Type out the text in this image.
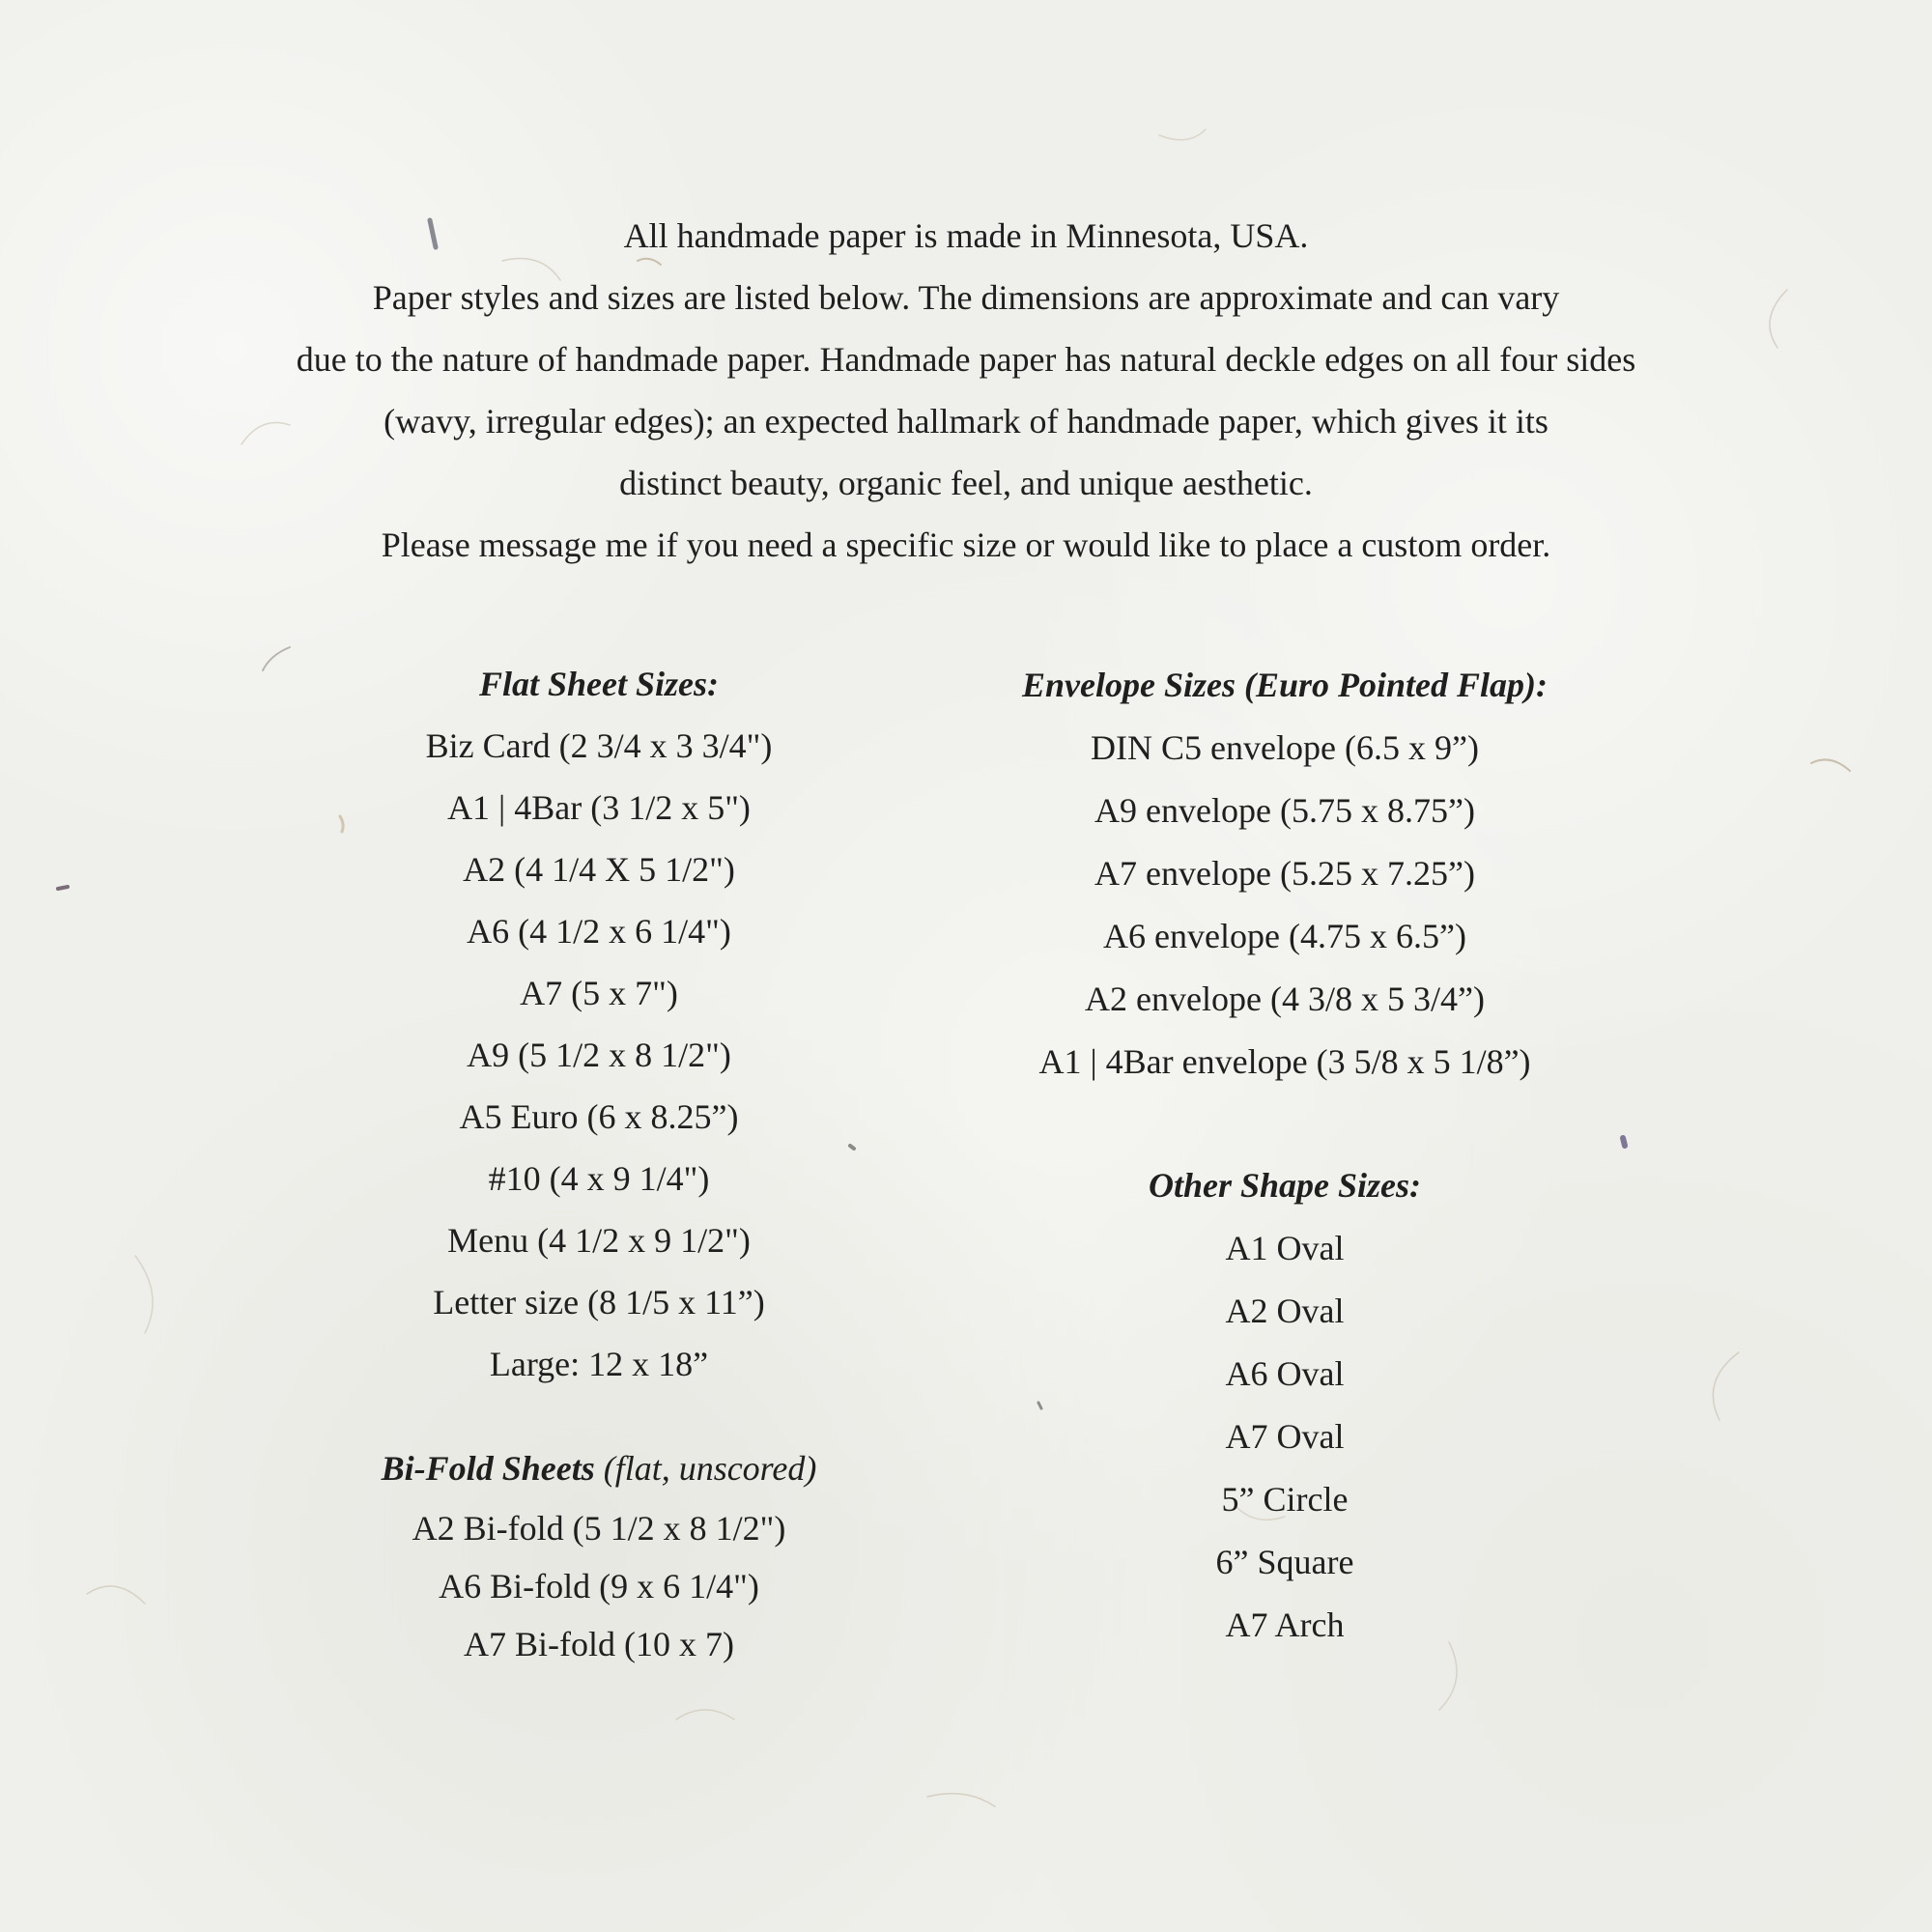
All handmade paper is made in Minnesota, USA.
Paper styles and sizes are listed below. The dimensions are approximate and can vary
due to the nature of handmade paper. Handmade paper has natural deckle edges on all four sides
(wavy, irregular edges); an expected hallmark of handmade paper, which gives it its
distinct beauty, organic feel, and unique aesthetic.
Please message me if you need a specific size or would like to place a custom order.
Flat Sheet Sizes:
Biz Card (2 3/4 x 3 3/4")
A1 | 4Bar (3 1/2 x 5")
A2 (4 1/4 X 5 1/2")
A6 (4 1/2 x 6 1/4")
A7 (5 x 7")
A9 (5 1/2 x 8 1/2")
A5 Euro (6 x 8.25”)
#10 (4 x 9 1/4")
Menu (4 1/2 x 9 1/2")
Letter size (8 1/5 x 11”)
Large: 12 x 18”
Bi-Fold Sheets (flat, unscored)
A2 Bi-fold (5 1/2 x 8 1/2")
A6 Bi-fold (9 x 6 1/4")
A7 Bi-fold (10 x 7)
Envelope Sizes (Euro Pointed Flap):
DIN C5 envelope (6.5 x 9”)
A9 envelope (5.75 x 8.75”)
A7 envelope (5.25 x 7.25”)
A6 envelope (4.75 x 6.5”)
A2 envelope (4 3/8 x 5 3/4”)
A1 | 4Bar envelope (3 5/8 x 5 1/8”)
Other Shape Sizes:
A1 Oval
A2 Oval
A6 Oval
A7 Oval
5” Circle
6” Square
A7 Arch
